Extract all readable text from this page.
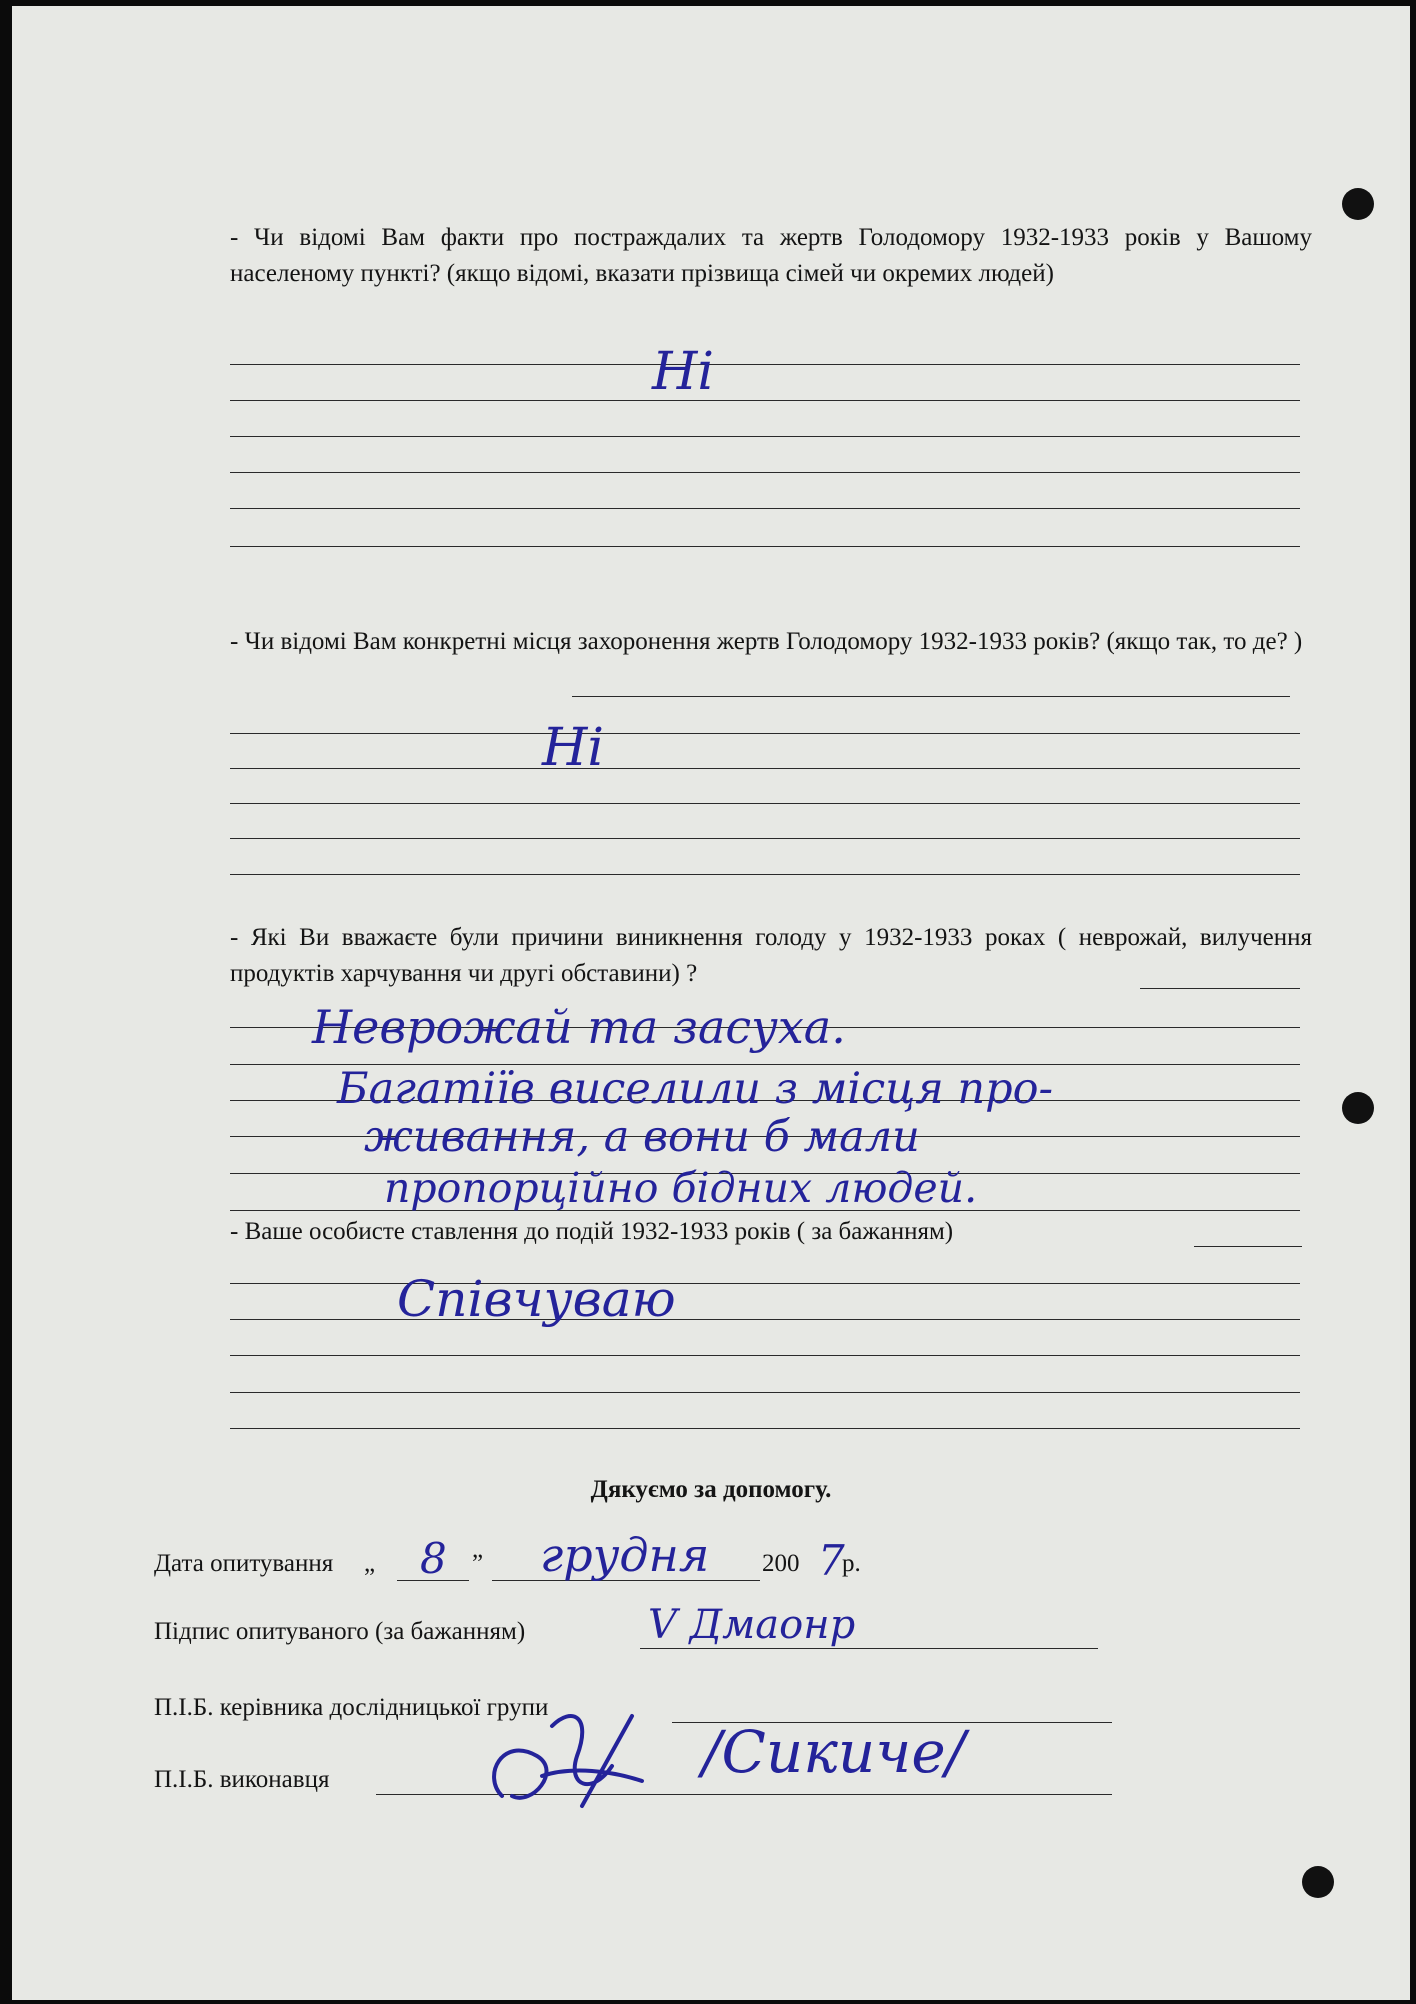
- Чи відомі Вам факти про постраждалих та жертв Голодомору 1932-1933 років у Вашому населеному пункті? (якщо відомі, вказати прізвища сімей чи окремих людей)
Ні
- Чи відомі Вам конкретні місця захоронення жертв Голодомору 1932-1933 років? (якщо так, то де? )
Ні
- Які Ви вважаєте були причини виникнення голоду у 1932-1933 роках ( неврожай, вилучення продуктів харчування чи другі обставини) ?
Неврожай та засуха.
Багатіїв виселили з місця про-
живання, а вони б мали
пропорційно бідних людей.
- Ваше особисте ставлення до подій 1932-1933 років ( за бажанням)
Співчуваю
Дякуємо за допомогу.
Дата опитування „ 8 ” грудня 200 7
р.
Підпис опитуваного (за бажанням)	V Дмаонр
П.І.Б. керівника дослідницької групи
П.І.Б. виконавця	/Сикиче/
